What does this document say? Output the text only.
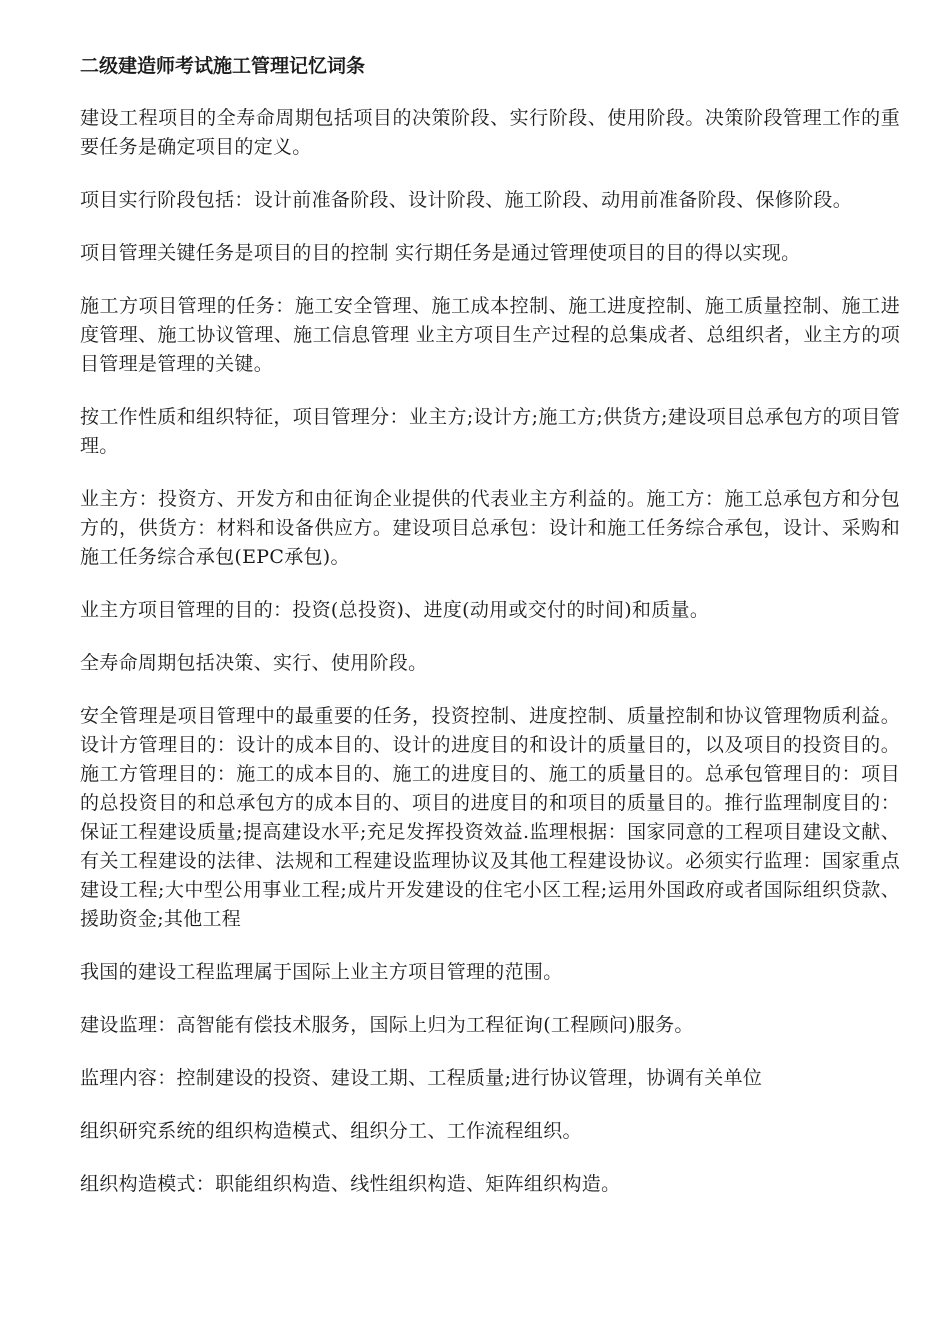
二级建造师考试施工管理记忆词条

建设工程项目的全寿命周期包括项目的决策阶段、实行阶段、使用阶段。决策阶段管理工作的重要任务是确定项目的定义。

项目实行阶段包括：设计前准备阶段、设计阶段、施工阶段、动用前准备阶段、保修阶段。

项目管理关键任务是项目的目的控制 实行期任务是通过管理使项目的目的得以实现。

施工方项目管理的任务：施工安全管理、施工成本控制、施工进度控制、施工质量控制、施工进度管理、施工协议管理、施工信息管理 业主方项目生产过程的总集成者、总组织者，业主方的项目管理是管理的关键。

按工作性质和组织特征，项目管理分：业主方;设计方;施工方;供货方;建设项目总承包方的项目管理。

业主方：投资方、开发方和由征询企业提供的代表业主方利益的。施工方：施工总承包方和分包方的，供货方：材料和设备供应方。建设项目总承包：设计和施工任务综合承包，设计、采购和施工任务综合承包(EPC承包)。

业主方项目管理的目的：投资(总投资)、进度(动用或交付的时间)和质量。

全寿命周期包括决策、实行、使用阶段。

安全管理是项目管理中的最重要的任务，投资控制、进度控制、质量控制和协议管理物质利益。设计方管理目的：设计的成本目的、设计的进度目的和设计的质量目的，以及项目的投资目的。施工方管理目的：施工的成本目的、施工的进度目的、施工的质量目的。总承包管理目的：项目的总投资目的和总承包方的成本目的、项目的进度目的和项目的质量目的。推行监理制度目的：保证工程建设质量;提高建设水平;充足发挥投资效益.监理根据：国家同意的工程项目建设文献、有关工程建设的法律、法规和工程建设监理协议及其他工程建设协议。必须实行监理：国家重点建设工程;大中型公用事业工程;成片开发建设的住宅小区工程;运用外国政府或者国际组织贷款、援助资金;其他工程

我国的建设工程监理属于国际上业主方项目管理的范围。

建设监理：高智能有偿技术服务，国际上归为工程征询(工程顾问)服务。

监理内容：控制建设的投资、建设工期、工程质量;进行协议管理，协调有关单位

组织研究系统的组织构造模式、组织分工、工作流程组织。

组织构造模式：职能组织构造、线性组织构造、矩阵组织构造。
